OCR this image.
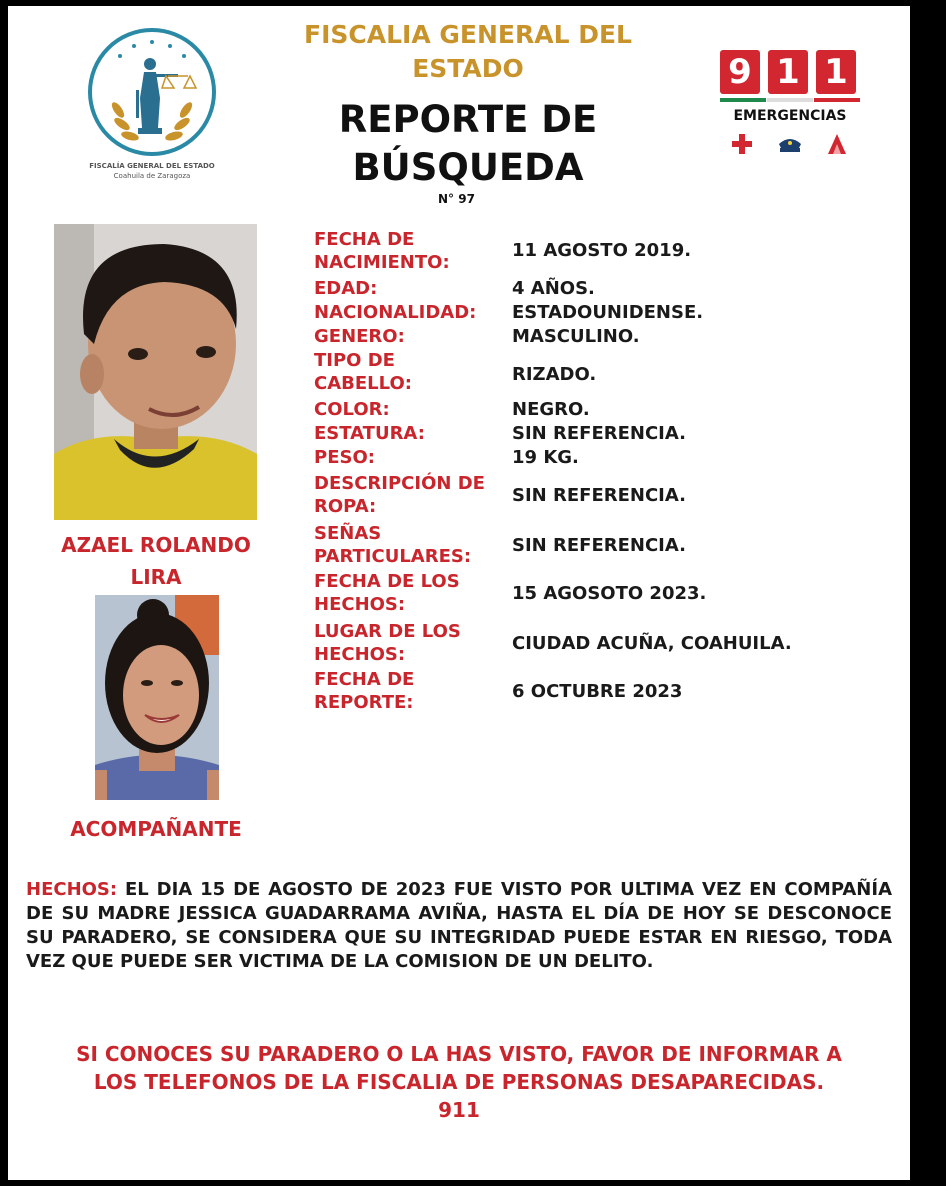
FISCALÍA GENERAL DEL ESTADO
Coahuila de Zaragoza
FISCALIA GENERAL DEL
ESTADO
REPORTE DE
BÚSQUEDA
N° 97
9 1 1
EMERGENCIAS
AZAEL ROLANDO
LIRA
ACOMPAÑANTE
FECHA DE NACIMIENTO:
11 AGOSTO 2019.
EDAD:	4 AÑOS.
NACIONALIDAD:	ESTADOUNIDENSE.
GENERO:	MASCULINO.
TIPO DE CABELLO:	RIZADO.
COLOR:	NEGRO.
ESTATURA:	SIN REFERENCIA.
PESO:	19 KG.
DESCRIPCIÓN DE ROPA:
SIN REFERENCIA.
SEÑAS PARTICULARES:
SIN REFERENCIA.
FECHA DE LOS HECHOS:
15 AGOSOTO 2023.
LUGAR DE LOS HECHOS:
CIUDAD ACUÑA, COAHUILA.
FECHA DE REPORTE:
6 OCTUBRE 2023
HECHOS: EL DIA 15 DE AGOSTO DE 2023 FUE VISTO POR ULTIMA VEZ EN COMPAÑÍA DE SU MADRE JESSICA GUADARRAMA AVIÑA, HASTA EL DÍA DE HOY SE DESCONOCE SU PARADERO, SE CONSIDERA QUE SU INTEGRIDAD PUEDE ESTAR EN RIESGO, TODA VEZ QUE PUEDE SER VICTIMA DE LA COMISION DE UN DELITO.
SI CONOCES SU PARADERO O LA HAS VISTO, FAVOR DE INFORMAR A
LOS TELEFONOS DE LA FISCALIA DE PERSONAS DESAPARECIDAS.
911
